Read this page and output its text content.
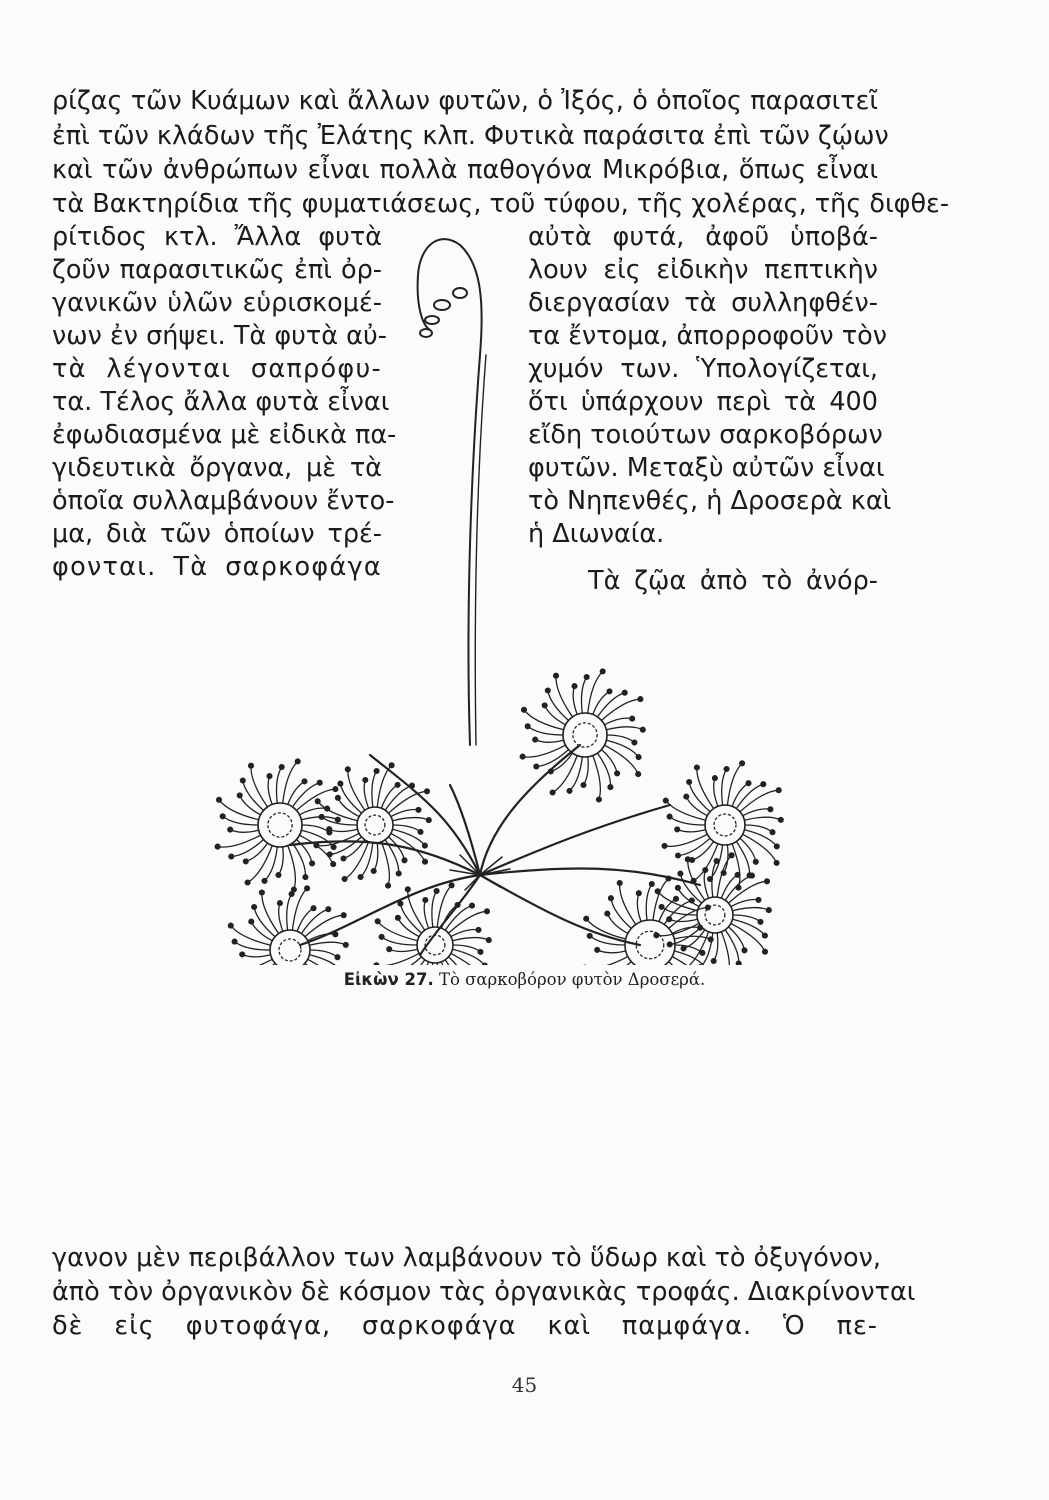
ρίζας τῶν Κυάμων καὶ ἄλλων φυτῶν, ὁ Ἰξός, ὁ ὁποῖος παρασιτεῖ
ἐπὶ τῶν κλάδων τῆς Ἐλάτης κλπ. Φυτικὰ παράσιτα ἐπὶ τῶν ζῴων
καὶ τῶν ἀνθρώπων εἶναι πολλὰ παθογόνα Μικρόβια, ὅπως εἶναι
τὰ Βακτηρίδια τῆς φυματιάσεως, τοῦ τύφου, τῆς χολέρας, τῆς διφθε-
ρίτιδος κτλ. Ἄλλα φυτὰ
ζοῦν παρασιτικῶς ἐπὶ ὀρ-
γανικῶν ὑλῶν εὑρισκομέ-
νων ἐν σήψει. Τὰ φυτὰ αὐ-
τὰ λέγονται σαπρόφυ-
τα. Τέλος ἄλλα φυτὰ εἶναι
ἐφωδιασμένα μὲ εἰδικὰ πα-
γιδευτικὰ ὄργανα, μὲ τὰ
ὁποῖα συλλαμβάνουν ἔντο-
μα, διὰ τῶν ὁποίων τρέ-
φονται. Τὰ σαρκοφάγα
αὐτὰ φυτά, ἀφοῦ ὑποβά-
λουν εἰς εἰδικὴν πεπτικὴν
διεργασίαν τὰ συλληφθέν-
τα ἔντομα, ἀπορροφοῦν τὸν
χυμόν των. Ὑπολογίζεται,
ὅτι ὑπάρχουν περὶ τὰ 400
εἴδη τοιούτων σαρκοβόρων
φυτῶν. Μεταξὺ αὐτῶν εἶναι
τὸ Νηπενθές, ἡ Δροσερὰ καὶ
ἡ Διωναία.
Τὰ ζῷα ἀπὸ τὸ ἀνόρ-
Εἰκὼν 27. Τὸ σαρκοβόρον φυτὸν Δροσερά.
γανον μὲν περιβάλλον των λαμβάνουν τὸ ὕδωρ καὶ τὸ ὀξυγόνον,
ἀπὸ τὸν ὀργανικὸν δὲ κόσμον τὰς ὀργανικὰς τροφάς. Διακρίνονται
δὲ εἰς φυτοφάγα, σαρκοφάγα καὶ παμφάγα. Ὁ πε-
45
